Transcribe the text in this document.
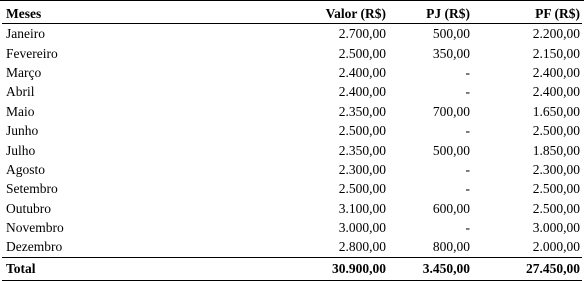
Meses	Valor (R$)	PJ (R$)	PF (R$)
Janeiro	2.700,00	500,00	2.200,00
Fevereiro	2.500,00	350,00	2.150,00
Março	2.400,00	-	2.400,00
Abril	2.400,00	-	2.400,00
Maio	2.350,00	700,00	1.650,00
Junho	2.500,00	-	2.500,00
Julho	2.350,00	500,00	1.850,00
Agosto	2.300,00	-	2.300,00
Setembro	2.500,00	-	2.500,00
Outubro	3.100,00	600,00	2.500,00
Novembro	3.000,00	-	3.000,00
Dezembro	2.800,00	800,00	2.000,00
Total	30.900,00	3.450,00	27.450,00
